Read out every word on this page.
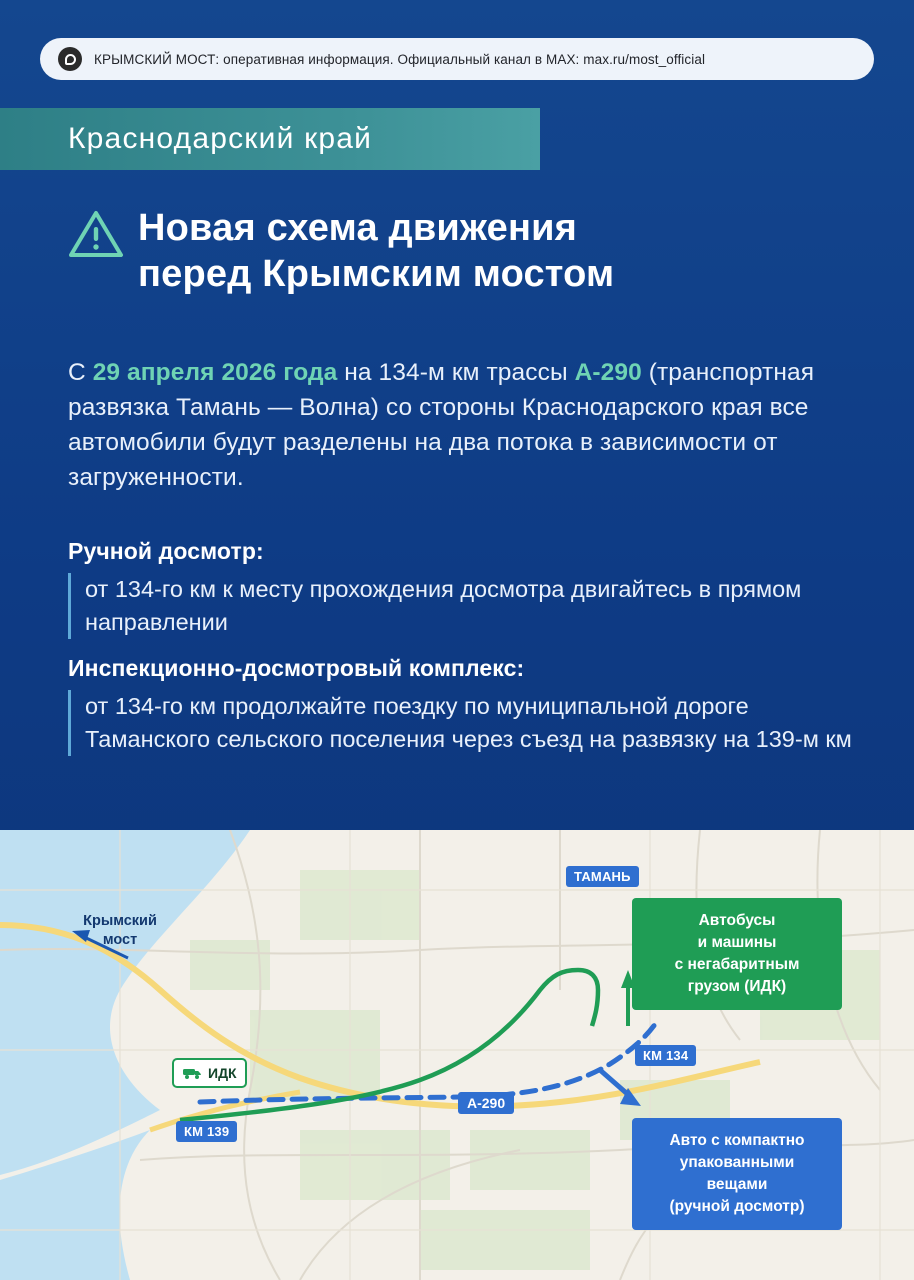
КРЫМСКИЙ МОСТ: оперативная информация. Официальный канал в MAX: max.ru/most_official
Краснодарский край
Новая схема движения
перед Крымским мостом
С 29 апреля 2026 года на 134-м км трассы А-290 (транспортная развязка Тамань — Волна) со стороны Краснодарского края все автомобили будут разделены на два потока в зависимости от загруженности.
Ручной досмотр:
от 134-го км к месту прохождения досмотра двигайтесь в прямом направлении
Инспекционно-досмотровый комплекс:
от 134-го км продолжайте поездку по муниципальной дороге Таманского сельского поселения через съезд на развязку на 139-м км
ТАМАНЬ
КМ 134
КМ 139
А-290
ИДК
Крымский
мост
Автобусы
и машины
с негабаритным
грузом (ИДК)
Авто с компактно
упакованными
вещами
(ручной досмотр)
